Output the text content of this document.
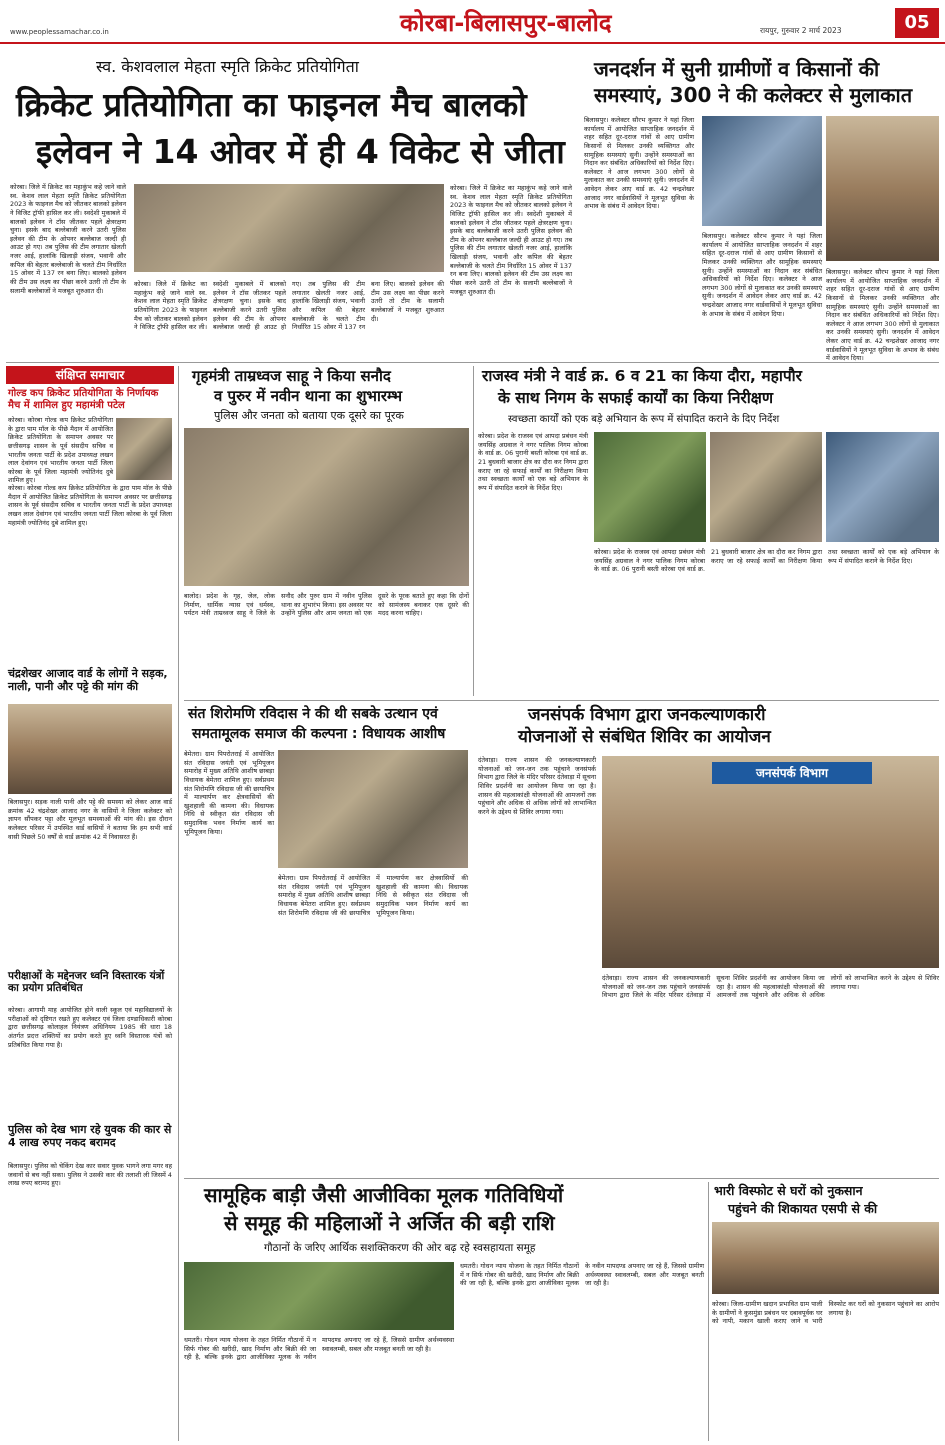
www.peoplessamachar.co.in	कोरबा-बिलासपुर-बालोद	रायपुर, गुरुवार 2 मार्च 2023	05
स्व. केशवलाल मेहता स्मृति क्रिकेट प्रतियोगिता
क्रिकेट प्रतियोगिता का फाइनल मैच बालको
इलेवन ने 14 ओवर में ही 4 विकेट से जीता
कोरबा। जिले में क्रिकेट का महाकुंभ कहे जाने वाले स्व. केशव लाल मेहता स्मृति क्रिकेट प्रतियोगिता 2023 के फाइनल मैच को जीतकर बालको इलेवन ने विजिट ट्रॉफी हासिल कर ली। स्वदेशी मुकाबले में बालको इलेवन ने टॉस जीतकर पहले क्षेत्ररक्षण चुना। इसके बाद बल्लेबाजी करने उतरी पुलिस इलेवन की टीम के ओपनर बल्लेबाज जल्दी ही आउट हो गए। तब पुलिस की टीम लगातार खेलती नजर आई, हालांकि खिलाड़ी संजय, भवानी और कपिल की बेहतर बल्लेबाजी के चलते टीम निर्धारित 15 ओवर में 137 रन बना लिए। बालको इलेवन की टीम उस लक्ष्य का पीछा करने उतरी तो टीम के सलामी बल्लेबाजों ने मजबूत शुरुआत दी।
कोरबा। जिले में क्रिकेट का महाकुंभ कहे जाने वाले स्व. केशव लाल मेहता स्मृति क्रिकेट प्रतियोगिता 2023 के फाइनल मैच को जीतकर बालको इलेवन ने विजिट ट्रॉफी हासिल कर ली। स्वदेशी मुकाबले में बालको इलेवन ने टॉस जीतकर पहले क्षेत्ररक्षण चुना। इसके बाद बल्लेबाजी करने उतरी पुलिस इलेवन की टीम के ओपनर बल्लेबाज जल्दी ही आउट हो गए। तब पुलिस की टीम लगातार खेलती नजर आई, हालांकि खिलाड़ी संजय, भवानी और कपिल की बेहतर बल्लेबाजी के चलते टीम निर्धारित 15 ओवर में 137 रन बना लिए। बालको इलेवन की टीम उस लक्ष्य का पीछा करने उतरी तो टीम के सलामी बल्लेबाजों ने मजबूत शुरुआत दी।
कोरबा। जिले में क्रिकेट का महाकुंभ कहे जाने वाले स्व. केशव लाल मेहता स्मृति क्रिकेट प्रतियोगिता 2023 के फाइनल मैच को जीतकर बालको इलेवन ने विजिट ट्रॉफी हासिल कर ली। स्वदेशी मुकाबले में बालको इलेवन ने टॉस जीतकर पहले क्षेत्ररक्षण चुना। इसके बाद बल्लेबाजी करने उतरी पुलिस इलेवन की टीम के ओपनर बल्लेबाज जल्दी ही आउट हो गए। तब पुलिस की टीम लगातार खेलती नजर आई, हालांकि खिलाड़ी संजय, भवानी और कपिल की बेहतर बल्लेबाजी के चलते टीम निर्धारित 15 ओवर में 137 रन बना लिए। बालको इलेवन की टीम उस लक्ष्य का पीछा करने उतरी तो टीम के सलामी बल्लेबाजों ने मजबूत शुरुआत दी।
जनदर्शन में सुनी ग्रामीणों व किसानों की
समस्याएं, 300 ने की कलेक्टर से मुलाकात
बिलासपुर। कलेक्टर सौरभ कुमार ने यहां जिला कार्यालय में आयोजित साप्ताहिक जनदर्शन में शहर सहित दूर-दराज गांवों से आए ग्रामीण किसानों से मिलकर उनकी व्यक्तिगत और सामूहिक समस्याएं सुनी। उन्होंने समस्याओं का निदान कर संबंधित अधिकारियों को निर्देश दिए। कलेक्टर ने आज लगभग 300 लोगों से मुलाकात कर उनकी समस्याएं सुनी। जनदर्शन में आवेदन लेकर आए वार्ड क्र. 42 चन्द्रशेखर आजाद नगर वार्डवासियों ने मूलभूत सुविधा के अभाव के संबंध में आवेदन दिया।
बिलासपुर। कलेक्टर सौरभ कुमार ने यहां जिला कार्यालय में आयोजित साप्ताहिक जनदर्शन में शहर सहित दूर-दराज गांवों से आए ग्रामीण किसानों से मिलकर उनकी व्यक्तिगत और सामूहिक समस्याएं सुनी। उन्होंने समस्याओं का निदान कर संबंधित अधिकारियों को निर्देश दिए। कलेक्टर ने आज लगभग 300 लोगों से मुलाकात कर उनकी समस्याएं सुनी। जनदर्शन में आवेदन लेकर आए वार्ड क्र. 42 चन्द्रशेखर आजाद नगर वार्डवासियों ने मूलभूत सुविधा के अभाव के संबंध में आवेदन दिया।
बिलासपुर। कलेक्टर सौरभ कुमार ने यहां जिला कार्यालय में आयोजित साप्ताहिक जनदर्शन में शहर सहित दूर-दराज गांवों से आए ग्रामीण किसानों से मिलकर उनकी व्यक्तिगत और सामूहिक समस्याएं सुनी। उन्होंने समस्याओं का निदान कर संबंधित अधिकारियों को निर्देश दिए। कलेक्टर ने आज लगभग 300 लोगों से मुलाकात कर उनकी समस्याएं सुनी। जनदर्शन में आवेदन लेकर आए वार्ड क्र. 42 चन्द्रशेखर आजाद नगर वार्डवासियों ने मूलभूत सुविधा के अभाव के संबंध में आवेदन दिया।
संक्षिप्त समाचार
गोल्ड कप क्रिकेट प्रतियोगिता के निर्णायक मैच में शामिल हुए महामंत्री पटेल
कोरबा। कोरबा गोल्ड कप क्रिकेट प्रतियोगिता के द्वारा पाम मॉल के पीछे मैदान में आयोजित क्रिकेट प्रतियोगिता के समापन अवसर पर छत्तीसगढ़ शासन के पूर्व संसदीय सचिव व भारतीय जनता पार्टी के प्रदेश उपाध्यक्ष लखन लाल देवांगन एवं भारतीय जनता पार्टी जिला कोरबा के पूर्व जिला महामंत्री ज्योतिनंद दुबे शामिल हुए।
कोरबा। कोरबा गोल्ड कप क्रिकेट प्रतियोगिता के द्वारा पाम मॉल के पीछे मैदान में आयोजित क्रिकेट प्रतियोगिता के समापन अवसर पर छत्तीसगढ़ शासन के पूर्व संसदीय सचिव व भारतीय जनता पार्टी के प्रदेश उपाध्यक्ष लखन लाल देवांगन एवं भारतीय जनता पार्टी जिला कोरबा के पूर्व जिला महामंत्री ज्योतिनंद दुबे शामिल हुए।
चंद्रशेखर आजाद वार्ड के लोगों ने सड़क, नाली, पानी और पट्टे की मांग की
बिलासपुर। सड़क नाली पानी और पट्टे की समस्या को लेकर आज वार्ड क्रमांक 42 चंद्रशेखर आजाद नगर के वासियों ने जिला कलेक्टर को ज्ञापन सौंपकर पट्टा और मूलभूत समस्याओं की मांग की। इस दौरान कलेक्टर परिसर में उपस्थित वार्ड वासियों ने बताया कि हम सभी वार्ड वासी पिछले 50 वर्षों से वार्ड क्रमांक 42 में निवासरत हैं।
परीक्षाओं के मद्देनजर ध्वनि विस्तारक यंत्रों का प्रयोग प्रतिबंधित
कोरबा। आगामी माह आयोजित होने वाली स्कूल एवं महाविद्यालयों के परीक्षाओं को दृष्टिगत रखते हुए कलेक्टर एवं जिला दण्डाधिकारी कोरबा द्वारा छत्तीसगढ़ कोलाहल नियंत्रण अधिनियम 1985 की धारा 18 अंतर्गत प्रदत्त शक्तियों का प्रयोग करते हुए ध्वनि विस्तारक यंत्रों को प्रतिबंधित किया गया है।
पुलिस को देख भाग रहे युवक की कार से 4 लाख रुपए नकद बरामद
बिलासपुर। पुलिस को चेकिंग देख कार सवार युवक भागने लगा मगर वह जवानों से बच नहीं सका। पुलिस ने उसकी कार की तलाशी ली जिसमें 4 लाख रुपए बरामद हुए।
गृहमंत्री ताम्रध्वज साहू ने किया सनौद
व पुरुर में नवीन थाना का शुभारम्भ
पुलिस और जनता को बताया एक दूसरे का पूरक
बालोद। प्रदेश के गृह, जेल, लोक निर्माण, धार्मिक न्यास एवं धर्मस्व, पर्यटन मंत्री ताम्रध्वज साहू ने जिले के सनौद और पुरुर ग्राम में नवीन पुलिस थाना का शुभारंभ किया। इस अवसर पर उन्होंने पुलिस और आम जनता को एक दूसरे के पूरक बताते हुए कहा कि दोनों को सामंजस्य बनाकर एक दूसरे की मदद करना चाहिए।
राजस्व मंत्री ने वार्ड क्र. 6 व 21 का किया दौरा, महापौर
के साथ निगम के सफाई कार्यों का किया निरीक्षण
स्वच्छता कार्यों को एक बड़े अभियान के रूप में संपादित कराने के दिए निर्देश
कोरबा। प्रदेश के राजस्व एवं आपदा प्रबंधन मंत्री जयसिंह अग्रवाल ने नगर पालिक निगम कोरबा के वार्ड क्र. 06 पुरानी बस्ती कोरबा एवं वार्ड क्र. 21 बुधवारी बाजार क्षेत्र का दौरा कर निगम द्वारा कराए जा रहे सफाई कार्यों का निरीक्षण किया तथा स्वच्छता कार्यों को एक बड़े अभियान के रूप में संपादित कराने के निर्देश दिए।
कोरबा। प्रदेश के राजस्व एवं आपदा प्रबंधन मंत्री जयसिंह अग्रवाल ने नगर पालिक निगम कोरबा के वार्ड क्र. 06 पुरानी बस्ती कोरबा एवं वार्ड क्र. 21 बुधवारी बाजार क्षेत्र का दौरा कर निगम द्वारा कराए जा रहे सफाई कार्यों का निरीक्षण किया तथा स्वच्छता कार्यों को एक बड़े अभियान के रूप में संपादित कराने के निर्देश दिए।
संत शिरोमणि रविदास ने की थी सबके उत्थान एवं
समतामूलक समाज की कल्पना : विधायक आशीष
बेमेतरा। ग्राम पिपरोतराई में आयोजित संत रविदास जयंती एवं भूमिपूजन समारोह में मुख्य अतिथि आशीष छाबड़ा विधायक बेमेतरा शामिल हुए। सर्वप्रथम संत शिरोमणि रविदास जी की छायाचित्र में माल्यार्पण कर क्षेत्रवासियों की खुशहाली की कामना की। विधायक निधि से स्वीकृत संत रविदास जी समुदायिक भवन निर्माण कार्य का भूमिपूजन किया।
बेमेतरा। ग्राम पिपरोतराई में आयोजित संत रविदास जयंती एवं भूमिपूजन समारोह में मुख्य अतिथि आशीष छाबड़ा विधायक बेमेतरा शामिल हुए। सर्वप्रथम संत शिरोमणि रविदास जी की छायाचित्र में माल्यार्पण कर क्षेत्रवासियों की खुशहाली की कामना की। विधायक निधि से स्वीकृत संत रविदास जी समुदायिक भवन निर्माण कार्य का भूमिपूजन किया।
जनसंपर्क विभाग द्वारा जनकल्याणकारी
योजनाओं से संबंधित शिविर का आयोजन
दंतेवाड़ा। राज्य शासन की जनकल्याणकारी योजनाओं को जन-जन तक पहुंचाने जनसंपर्क विभाग द्वारा जिले के मंदिर परिसर दंतेवाड़ा में सूचना शिविर प्रदर्शनी का आयोजन किया जा रहा है। शासन की महत्वाकांक्षी योजनाओं की आमजनों तक पहुंचाने और अधिक से अधिक लोगों को लाभान्वित करने के उद्देश्य से शिविर लगाया गया।
जनसंपर्क विभाग
दंतेवाड़ा। राज्य शासन की जनकल्याणकारी योजनाओं को जन-जन तक पहुंचाने जनसंपर्क विभाग द्वारा जिले के मंदिर परिसर दंतेवाड़ा में सूचना शिविर प्रदर्शनी का आयोजन किया जा रहा है। शासन की महत्वाकांक्षी योजनाओं की आमजनों तक पहुंचाने और अधिक से अधिक लोगों को लाभान्वित करने के उद्देश्य से शिविर लगाया गया।
सामूहिक बाड़ी जैसी आजीविका मूलक गतिविधियों
से समूह की महिलाओं ने अर्जित की बड़ी राशि
गौठानों के जरिए आर्थिक सशक्तिकरण की ओर बढ़ रहे स्वसहायता समूह
धमतरी। गोधन न्याय योजना के तहत निर्मित गौठानों में न सिर्फ गोबर की खरीदी, खाद निर्माण और बिक्री की जा रही है, बल्कि इनके द्वारा आजीविका मूलक के नवीन मापदण्ड अपनाए जा रहे हैं, जिससे ग्रामीण अर्थव्यवस्था स्वावलम्बी, सबल और मजबूत बनती जा रही है।
धमतरी। गोधन न्याय योजना के तहत निर्मित गौठानों में न सिर्फ गोबर की खरीदी, खाद निर्माण और बिक्री की जा रही है, बल्कि इनके द्वारा आजीविका मूलक के नवीन मापदण्ड अपनाए जा रहे हैं, जिससे ग्रामीण अर्थव्यवस्था स्वावलम्बी, सबल और मजबूत बनती जा रही है।
भारी विस्फोट से घरों को नुकसान
पहुंचने की शिकायत एसपी से की
कोरबा। जिला-ग्रामीण खदान प्रभावित ग्राम पाली के ग्रामीणों ने कुसमुंडा प्रबंधन पर दबावपूर्वक घर को नापी, मकान खाली कराए जाने व भारी विस्फोट कर घरों को नुकसान पहुंचाने का आरोप लगाया है।
